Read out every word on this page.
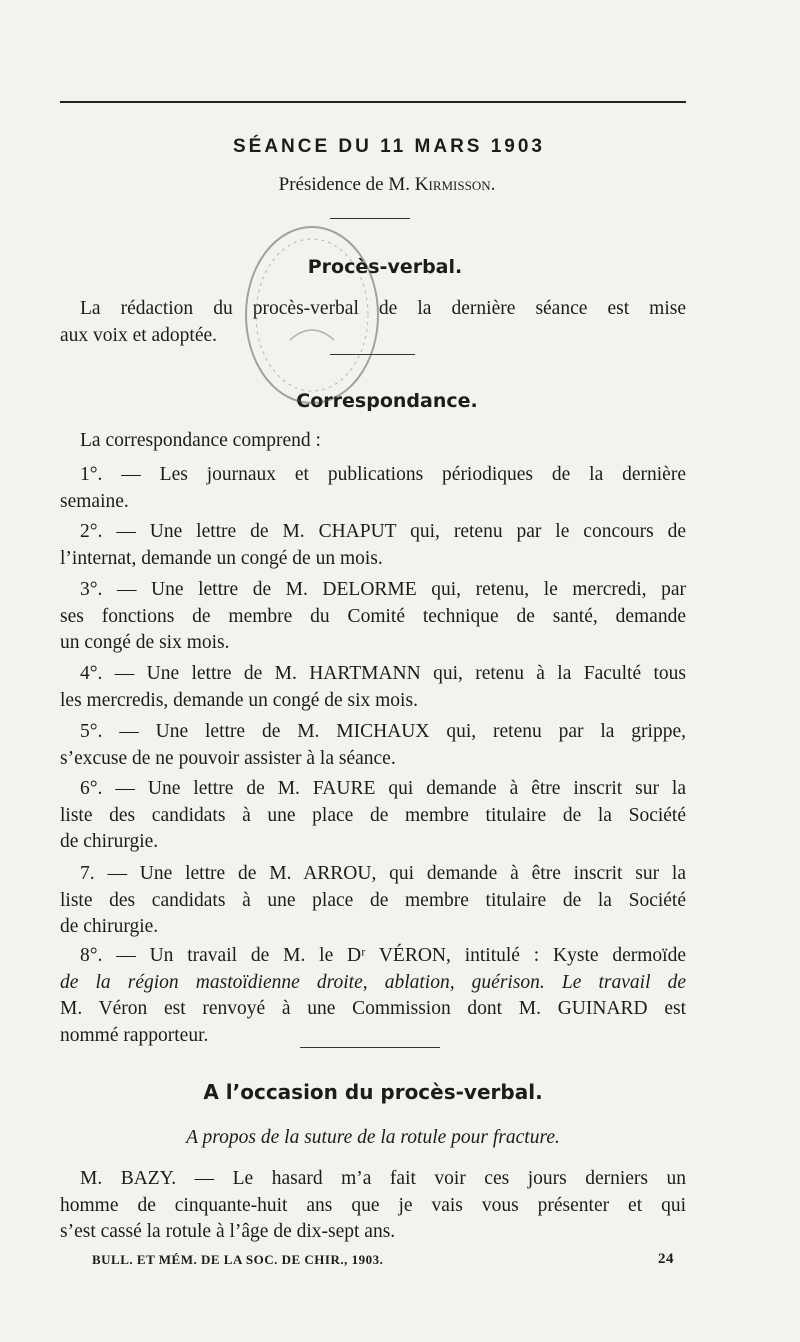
SÉANCE DU 11 MARS 1903
Présidence de M. Kirmisson.
Procès-verbal.
La rédaction du procès-verbal de la dernière séance est mise
aux voix et adoptée.
Correspondance.
La correspondance comprend :
1°. — Les journaux et publications périodiques de la dernière
semaine.
2°. — Une lettre de M. CHAPUT qui, retenu par le concours de
l’internat, demande un congé de un mois.
3°. — Une lettre de M. DELORME qui, retenu, le mercredi, par
ses fonctions de membre du Comité technique de santé, demande
un congé de six mois.
4°. — Une lettre de M. HARTMANN qui, retenu à la Faculté tous
les mercredis, demande un congé de six mois.
5°. — Une lettre de M. MICHAUX qui, retenu par la grippe,
s’excuse de ne pouvoir assister à la séance.
6°. — Une lettre de M. FAURE qui demande à être inscrit sur la
liste des candidats à une place de membre titulaire de la Société
de chirurgie.
7. — Une lettre de M. ARROU, qui demande à être inscrit sur la
liste des candidats à une place de membre titulaire de la Société
de chirurgie.
8°. — Un travail de M. le Dʳ VÉRON, intitulé : Kyste dermoïde
de la région mastoïdienne droite, ablation, guérison. Le travail de
M. Véron est renvoyé à une Commission dont M. GUINARD est
nommé rapporteur.
A l’occasion du procès-verbal.
A propos de la suture de la rotule pour fracture.
M. BAZY. — Le hasard m’a fait voir ces jours derniers un
homme de cinquante-huit ans que je vais vous présenter et qui
s’est cassé la rotule à l’âge de dix-sept ans.
BULL. ET MÉM. DE LA SOC. DE CHIR., 1903.	24
